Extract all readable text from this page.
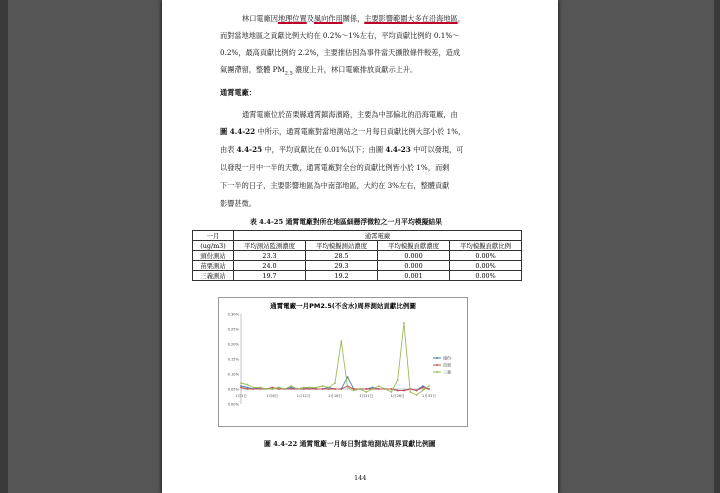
林口電廠因地理位置及風向作用關係，主要影響範圍大多在沿海地區，
而對當地地區之貢獻比例大約在 0.2%～1%左右，平均貢獻比例約 0.1%～
0.2%，最高貢獻比例約 2.2%，主要推估因為事件當天擴散條件較差，造成
氣團滯留，整體 $PM_{2.5}$ 濃度上升，林口電廠排放貢獻示上升。
通霄電廠：
通霄電廠位於苗栗縣通霄鎮海濱路，主要為中部偏北的沿海電廠，由
圖 4.4-22 中所示，通霄電廠對當地測站之一月每日貢獻比例大部小於 1%，
由表 4.4-25 中，平均貢獻比在 0.01%以下；由圖 4.4-23 中可以發現，可
以發現一月中一半的天數，通霄電廠對全台的貢獻比例皆小於 1%，而剩
下一半的日子，主要影響地區為中南部地區，大約在 3%左右，整體貢獻
影響甚微。
表 4.4-25 通霄電廠對所在地區細懸浮微粒之一月平均模擬結果
一月	通霄電廠			
(ug/m3)	平均測站監測濃度	平均模擬測站濃度	平均模擬貢獻濃度	平均模擬貢獻比例
頭份測站	23.3	28.5	0.000	0.00%
苗栗測站	24.0	29.3	0.000	0.00%
三義測站	19.7	19.2	0.001	0.00%
通霄電廠一月PM2.5(不含水)周界測站貢獻比例圖
0.00%
0.05%
0.10%
0.15%
0.20%
0.25%
0.30%
1月1日	1月6日	1月11日	1月16日	1月21日	1月26日	1月31日
頭份
苗栗
三義
圖 4.4-22 通霄電廠一月每日對當地測站周界貢獻比例圖
144
